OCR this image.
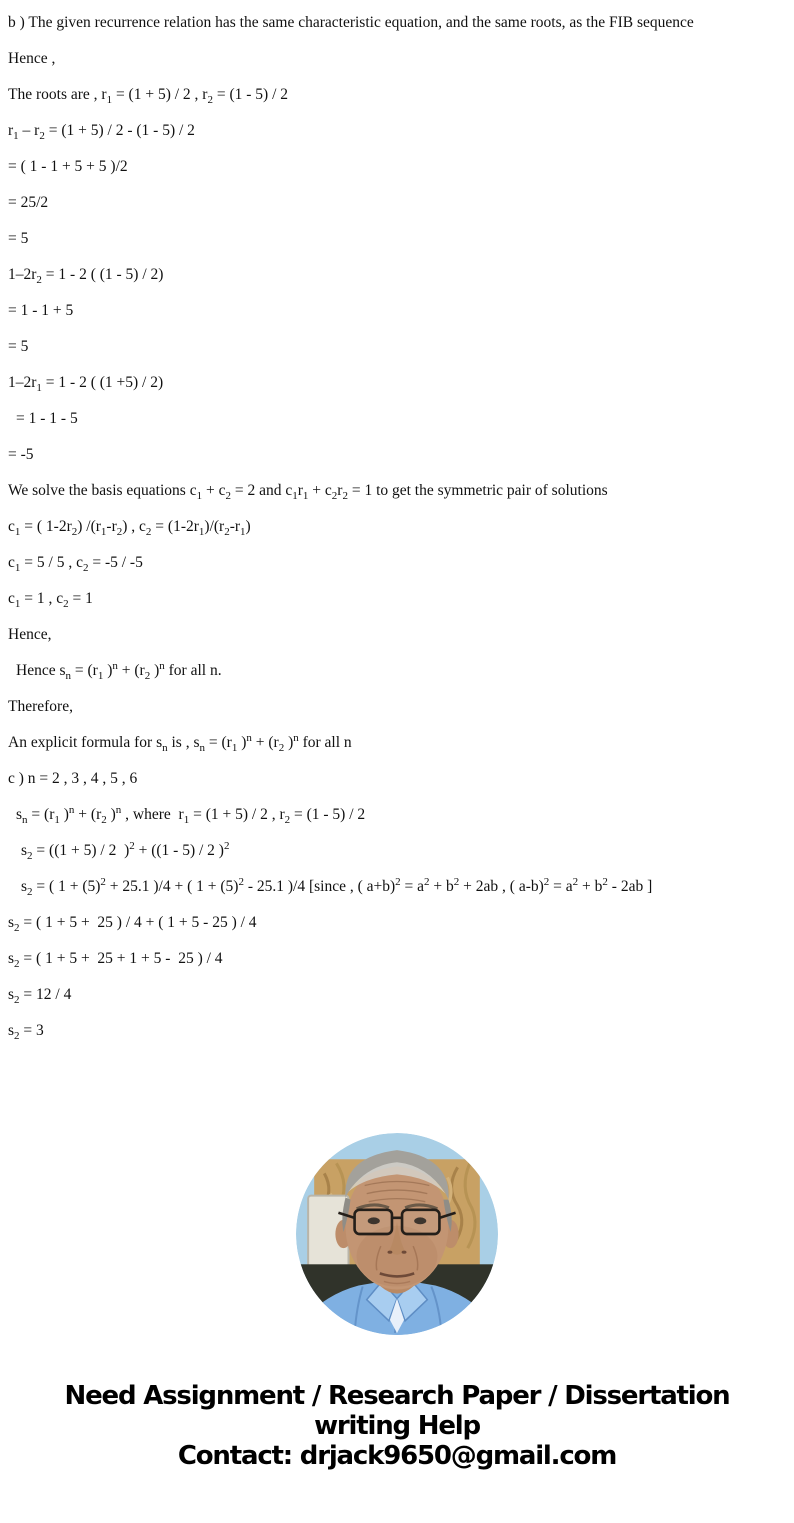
b ) The given recurrence relation has the same characteristic equation, and the same roots, as the FIB sequence

Hence ,

The roots are , $r_1 = (1 + 5) / 2$ , $r_2 = (1 - 5) / 2$

$r_1 - r_2 = (1 + 5) / 2 - (1 - 5) / 2$

= ( 1 - 1 + 5 + 5 )/2

= 25/2

= 5

$1-2r_2 = 1 - 2$ ( (1 - 5) / 2)

= 1 - 1 + 5

= 5

$1-2r_1 = 1 - 2$ ( (1 +5) / 2)

= 1 - 1 - 5

= -5

We solve the basis equations $c_1 + c_2 = 2$ and $c_1r_1 + c_2r_2 = 1$ to get the symmetric pair of solutions

$c_1$ = ( $1-2r_2$) $/(r_1-r_2)$ , $c_2 = (1-2r_1)/(r_2-r_1)$

$c_1 = 5 / 5$ , $c_2 = -5 / -5$

$c_1 = 1$ , $c_2 = 1$

Hence,

Hence $s_n = (r_1$ )$^n + (r_2$ )$^n$ for all n.

Therefore,

An explicit formula for $s_n$ is , $s_n = (r_1$ )$^n + (r_2$ )$^n$ for all n

c ) n = 2 , 3 , 4 , 5 , 6

$s_n = (r_1$ )$^n + (r_2$ )$^n$ , where  $r_1 = (1 + 5) / 2$ , $r_2 = (1 - 5) / 2$

$s_2 = ((1 + 5) / 2$  )$^2$ + ((1 - 5) / 2 )$^2$

$s_2$ = ( $1 + (5)^2 + 25.1$ )/4 + ( $1 + (5)^2 - 25.1$ )/4 [since , ( $a+b)^2 = a^2 + b^2 + 2ab$ , ( $a-b)^2 = a^2 + b^2 - 2ab$ ]

$s_2$ = ( 1 + 5 +  25 ) / 4 + ( 1 + 5 - 25 ) / 4

$s_2$ = ( 1 + 5 +  25 + 1 + 5 -  25 ) / 4

$s_2 = 12 / 4$

$s_2 = 3$

Need Assignment / Research Paper / Dissertation
writing Help
Contact: drjack9650@gmail.com
